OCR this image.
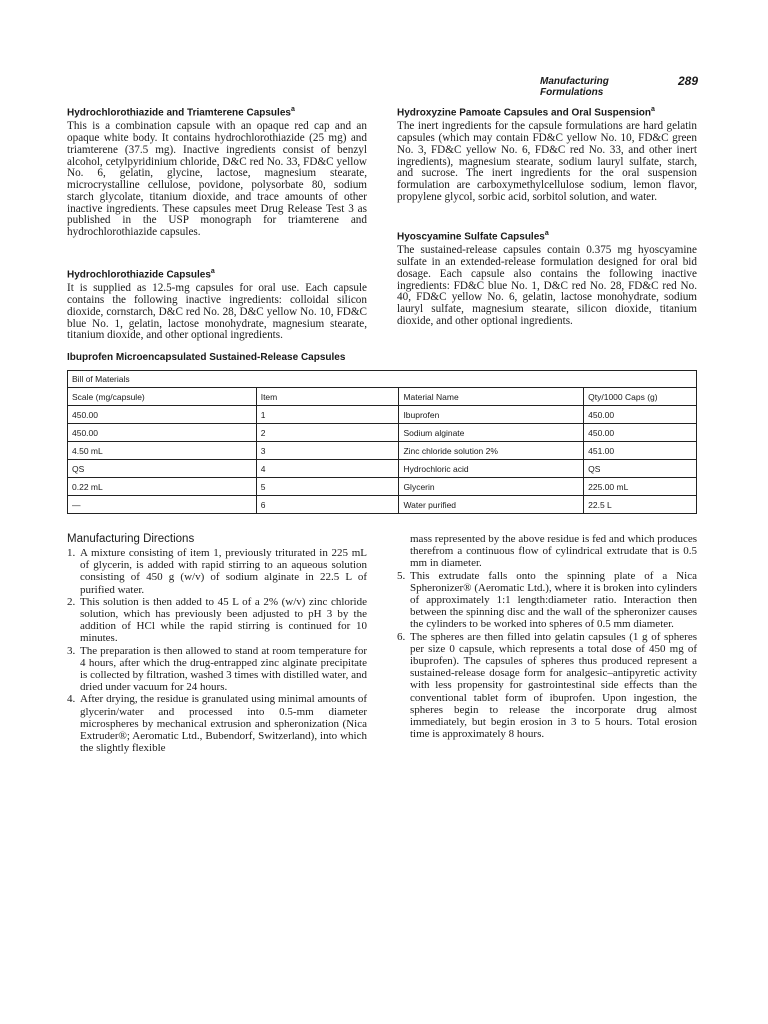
Manufacturing Formulations
289
Hydrochlorothiazide and Triamterene Capsules$^a$

This is a combination capsule with an opaque red cap and an opaque white body. It contains hydrochlorothiazide (25 mg) and triamterene (37.5 mg). Inactive ingredients consist of benzyl alcohol, cetylpyridinium chloride, D&C red No. 33, FD&C yellow No. 6, gelatin, glycine, lactose, magnesium stearate, microcrystalline cellulose, povidone, polysorbate 80, sodium starch glycolate, titanium dioxide, and trace amounts of other inactive ingredients. These capsules meet Drug Release Test 3 as published in the USP monograph for triamterene and hydrochlorothiazide capsules.

Hydrochlorothiazide Capsules$^a$

It is supplied as 12.5-mg capsules for oral use. Each capsule contains the following inactive ingredients: colloidal silicon dioxide, cornstarch, D&C red No. 28, D&C yellow No. 10, FD&C blue No. 1, gelatin, lactose monohydrate, magnesium stearate, titanium dioxide, and other optional ingredients.

Hydroxyzine Pamoate Capsules and Oral Suspension$^a$

The inert ingredients for the capsule formulations are hard gelatin capsules (which may contain FD&C yellow No. 10, FD&C green No. 3, FD&C yellow No. 6, FD&C red No. 33, and other inert ingredients), magnesium stearate, sodium lauryl sulfate, starch, and sucrose. The inert ingredients for the oral suspension formulation are carboxymethylcellulose sodium, lemon flavor, propylene glycol, sorbic acid, sorbitol solution, and water.

Hyoscyamine Sulfate Capsules$^a$

The sustained-release capsules contain 0.375 mg hyoscyamine sulfate in an extended-release formulation designed for oral bid dosage. Each capsule also contains the following inactive ingredients: FD&C blue No. 1, D&C red No. 28, FD&C red No. 40, FD&C yellow No. 6, gelatin, lactose monohydrate, sodium lauryl sulfate, magnesium stearate, silicon dioxide, titanium dioxide, and other optional ingredients.

Ibuprofen Microencapsulated Sustained-Release Capsules
Bill of Materials			
Scale (mg/capsule)	Item	Material Name	Qty/1000 Caps (g)
450.00	1	Ibuprofen	450.00
450.00	2	Sodium alginate	450.00
4.50 mL	3	Zinc chloride solution 2%	451.00
QS	4	Hydrochloric acid	QS
0.22 mL	5	Glycerin	225.00 mL
—	6	Water purified	22.5 L
Manufacturing Directions
1. A mixture consisting of item 1, previously triturated in 225 mL of glycerin, is added with rapid stirring to an aqueous solution consisting of 450 g (w/v) of sodium alginate in 22.5 L of purified water.
2. This solution is then added to 45 L of a 2% (w/v) zinc chloride solution, which has previously been adjusted to pH 3 by the addition of HCl while the rapid stirring is continued for 10 minutes.
3. The preparation is then allowed to stand at room temperature for 4 hours, after which the drug-entrapped zinc alginate precipitate is collected by filtration, washed 3 times with distilled water, and dried under vacuum for 24 hours.
4. After drying, the residue is granulated using minimal amounts of glycerin/water and processed into 0.5-mm diameter microspheres by mechanical extrusion and spheronization (Nica Extruder®; Aeromatic Ltd., Bubendorf, Switzerland), into which the slightly flexible
mass represented by the above residue is fed and which produces therefrom a continuous flow of cylindrical extrudate that is 0.5 mm in diameter.
5. This extrudate falls onto the spinning plate of a Nica Spheronizer® (Aeromatic Ltd.), where it is broken into cylinders of approximately 1:1 length:diameter ratio. Interaction then between the spinning disc and the wall of the spheronizer causes the cylinders to be worked into spheres of 0.5 mm diameter.
6. The spheres are then filled into gelatin capsules (1 g of spheres per size 0 capsule, which represents a total dose of 450 mg of ibuprofen). The capsules of spheres thus produced represent a sustained-release dosage form for analgesic–antipyretic activity with less propensity for gastrointestinal side effects than the conventional tablet form of ibuprofen. Upon ingestion, the spheres begin to release the incorporate drug almost immediately, but begin erosion in 3 to 5 hours. Total erosion time is approximately 8 hours.
